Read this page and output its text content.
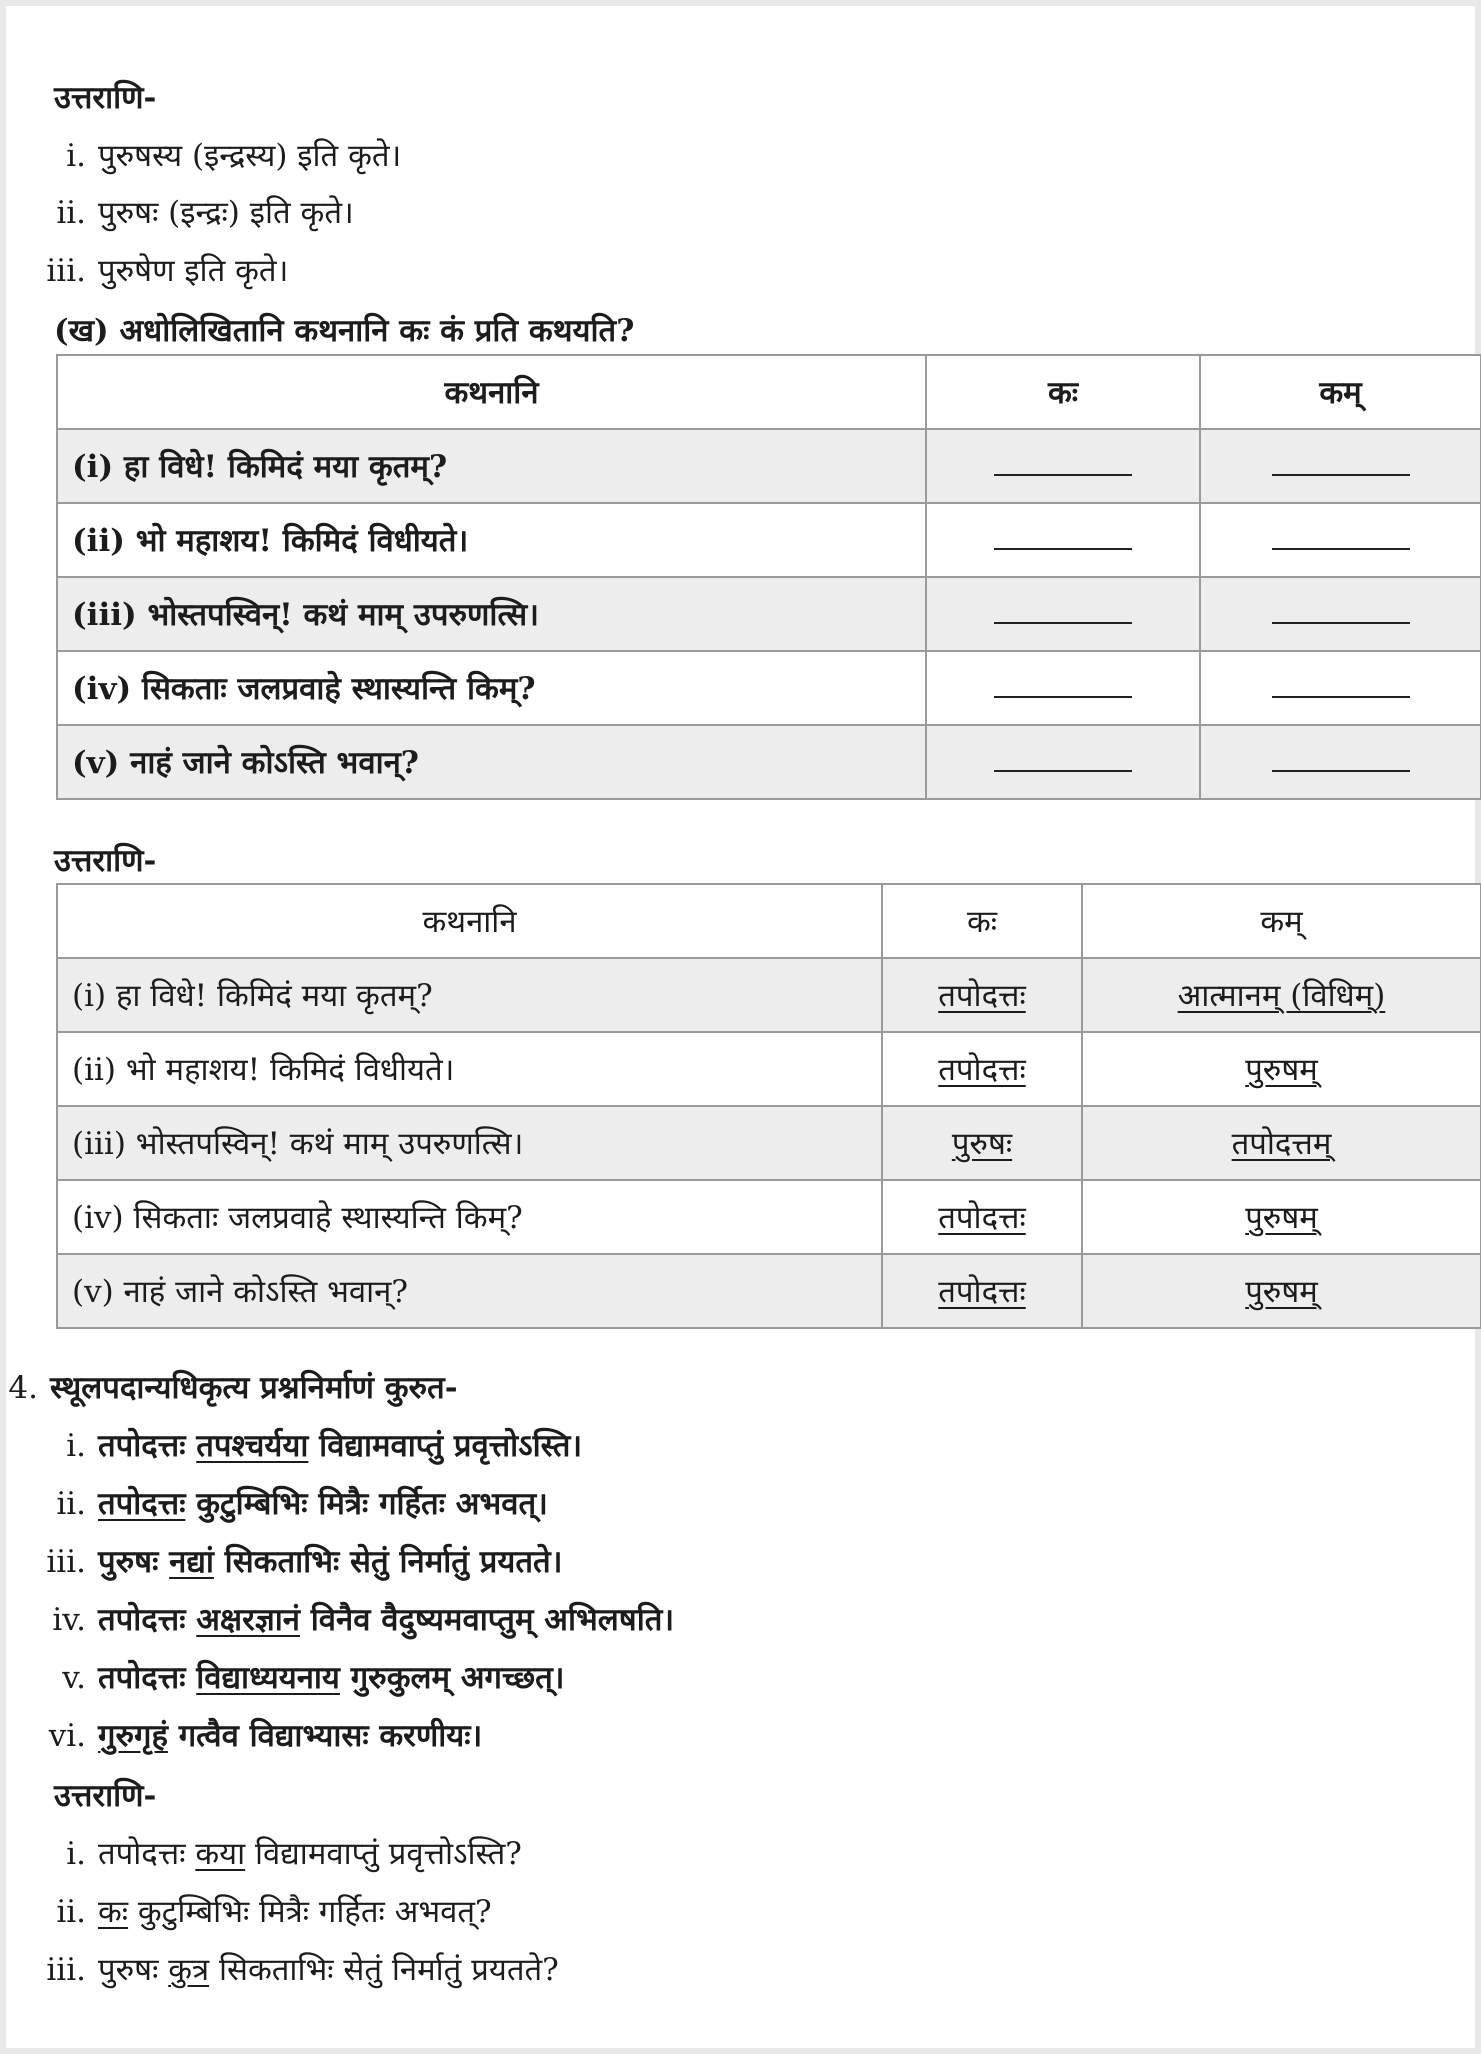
उत्तराणि-
i. पुरुषस्य (इन्द्रस्य) इति कृते।
ii. पुरुषः (इन्द्रः) इति कृते।
iii. पुरुषेण इति कृते।
(ख) अधोलिखितानि कथनानि कः कं प्रति कथयति?
कथनानि	कः	कम्
(i) हा विधे! किमिदं मया कृतम्?		
(ii) भो महाशय! किमिदं विधीयते।		
(iii) भोस्तपस्विन्! कथं माम् उपरुणत्सि।		
(iv) सिकताः जलप्रवाहे स्थास्यन्ति किम्?		
(v) नाहं जाने कोऽस्ति भवान्?		
उत्तराणि-
कथनानि	कः	कम्
(i) हा विधे! किमिदं मया कृतम्?	तपोदत्तः	आत्मानम् (विधिम्)
(ii) भो महाशय! किमिदं विधीयते।	तपोदत्तः	पुरुषम्
(iii) भोस्तपस्विन्! कथं माम् उपरुणत्सि।	पुरुषः	तपोदत्तम्
(iv) सिकताः जलप्रवाहे स्थास्यन्ति किम्?	तपोदत्तः	पुरुषम्
(v) नाहं जाने कोऽस्ति भवान्?	तपोदत्तः	पुरुषम्
4. स्थूलपदान्यधिकृत्य प्रश्ननिर्माणं कुरुत-
i. तपोदत्तः तपश्चर्यया विद्यामवाप्तुं प्रवृत्तोऽस्ति।
ii. तपोदत्तः कुटुम्बिभिः मित्रैः गर्हितः अभवत्।
iii. पुरुषः नद्यां सिकताभिः सेतुं निर्मातुं प्रयतते।
iv. तपोदत्तः अक्षरज्ञानं विनैव वैदुष्यमवाप्तुम् अभिलषति।
v. तपोदत्तः विद्याध्ययनाय गुरुकुलम् अगच्छत्।
vi. गुरुगृहं गत्वैव विद्याभ्यासः करणीयः।
उत्तराणि-
i. तपोदत्तः कया विद्यामवाप्तुं प्रवृत्तोऽस्ति?
ii. कः कुटुम्बिभिः मित्रैः गर्हितः अभवत्?
iii. पुरुषः कुत्र सिकताभिः सेतुं निर्मातुं प्रयतते?
